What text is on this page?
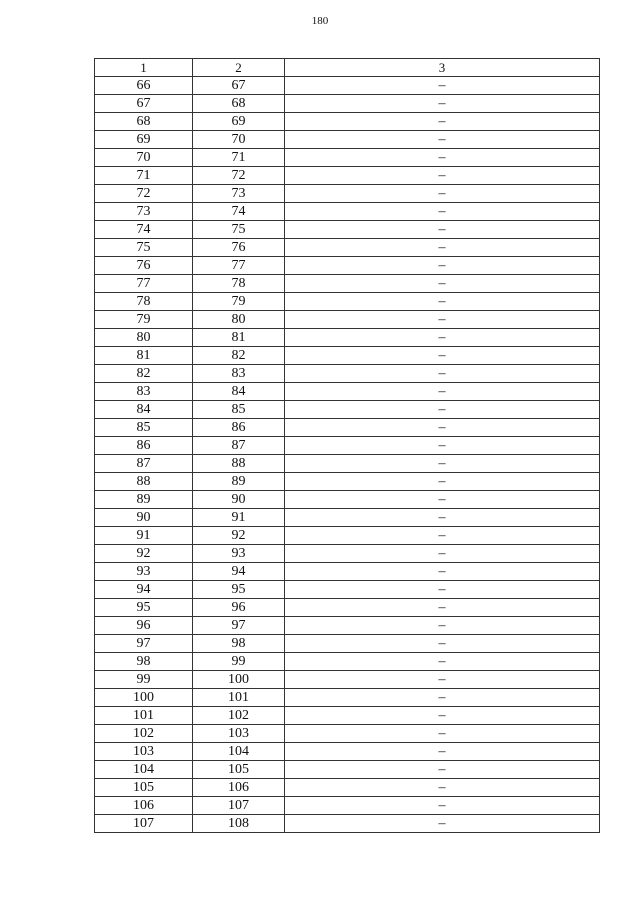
180
1	2	3
66	67	–
67	68	–
68	69	–
69	70	–
70	71	–
71	72	–
72	73	–
73	74	–
74	75	–
75	76	–
76	77	–
77	78	–
78	79	–
79	80	–
80	81	–
81	82	–
82	83	–
83	84	–
84	85	–
85	86	–
86	87	–
87	88	–
88	89	–
89	90	–
90	91	–
91	92	–
92	93	–
93	94	–
94	95	–
95	96	–
96	97	–
97	98	–
98	99	–
99	100	–
100	101	–
101	102	–
102	103	–
103	104	–
104	105	–
105	106	–
106	107	–
107	108	–
